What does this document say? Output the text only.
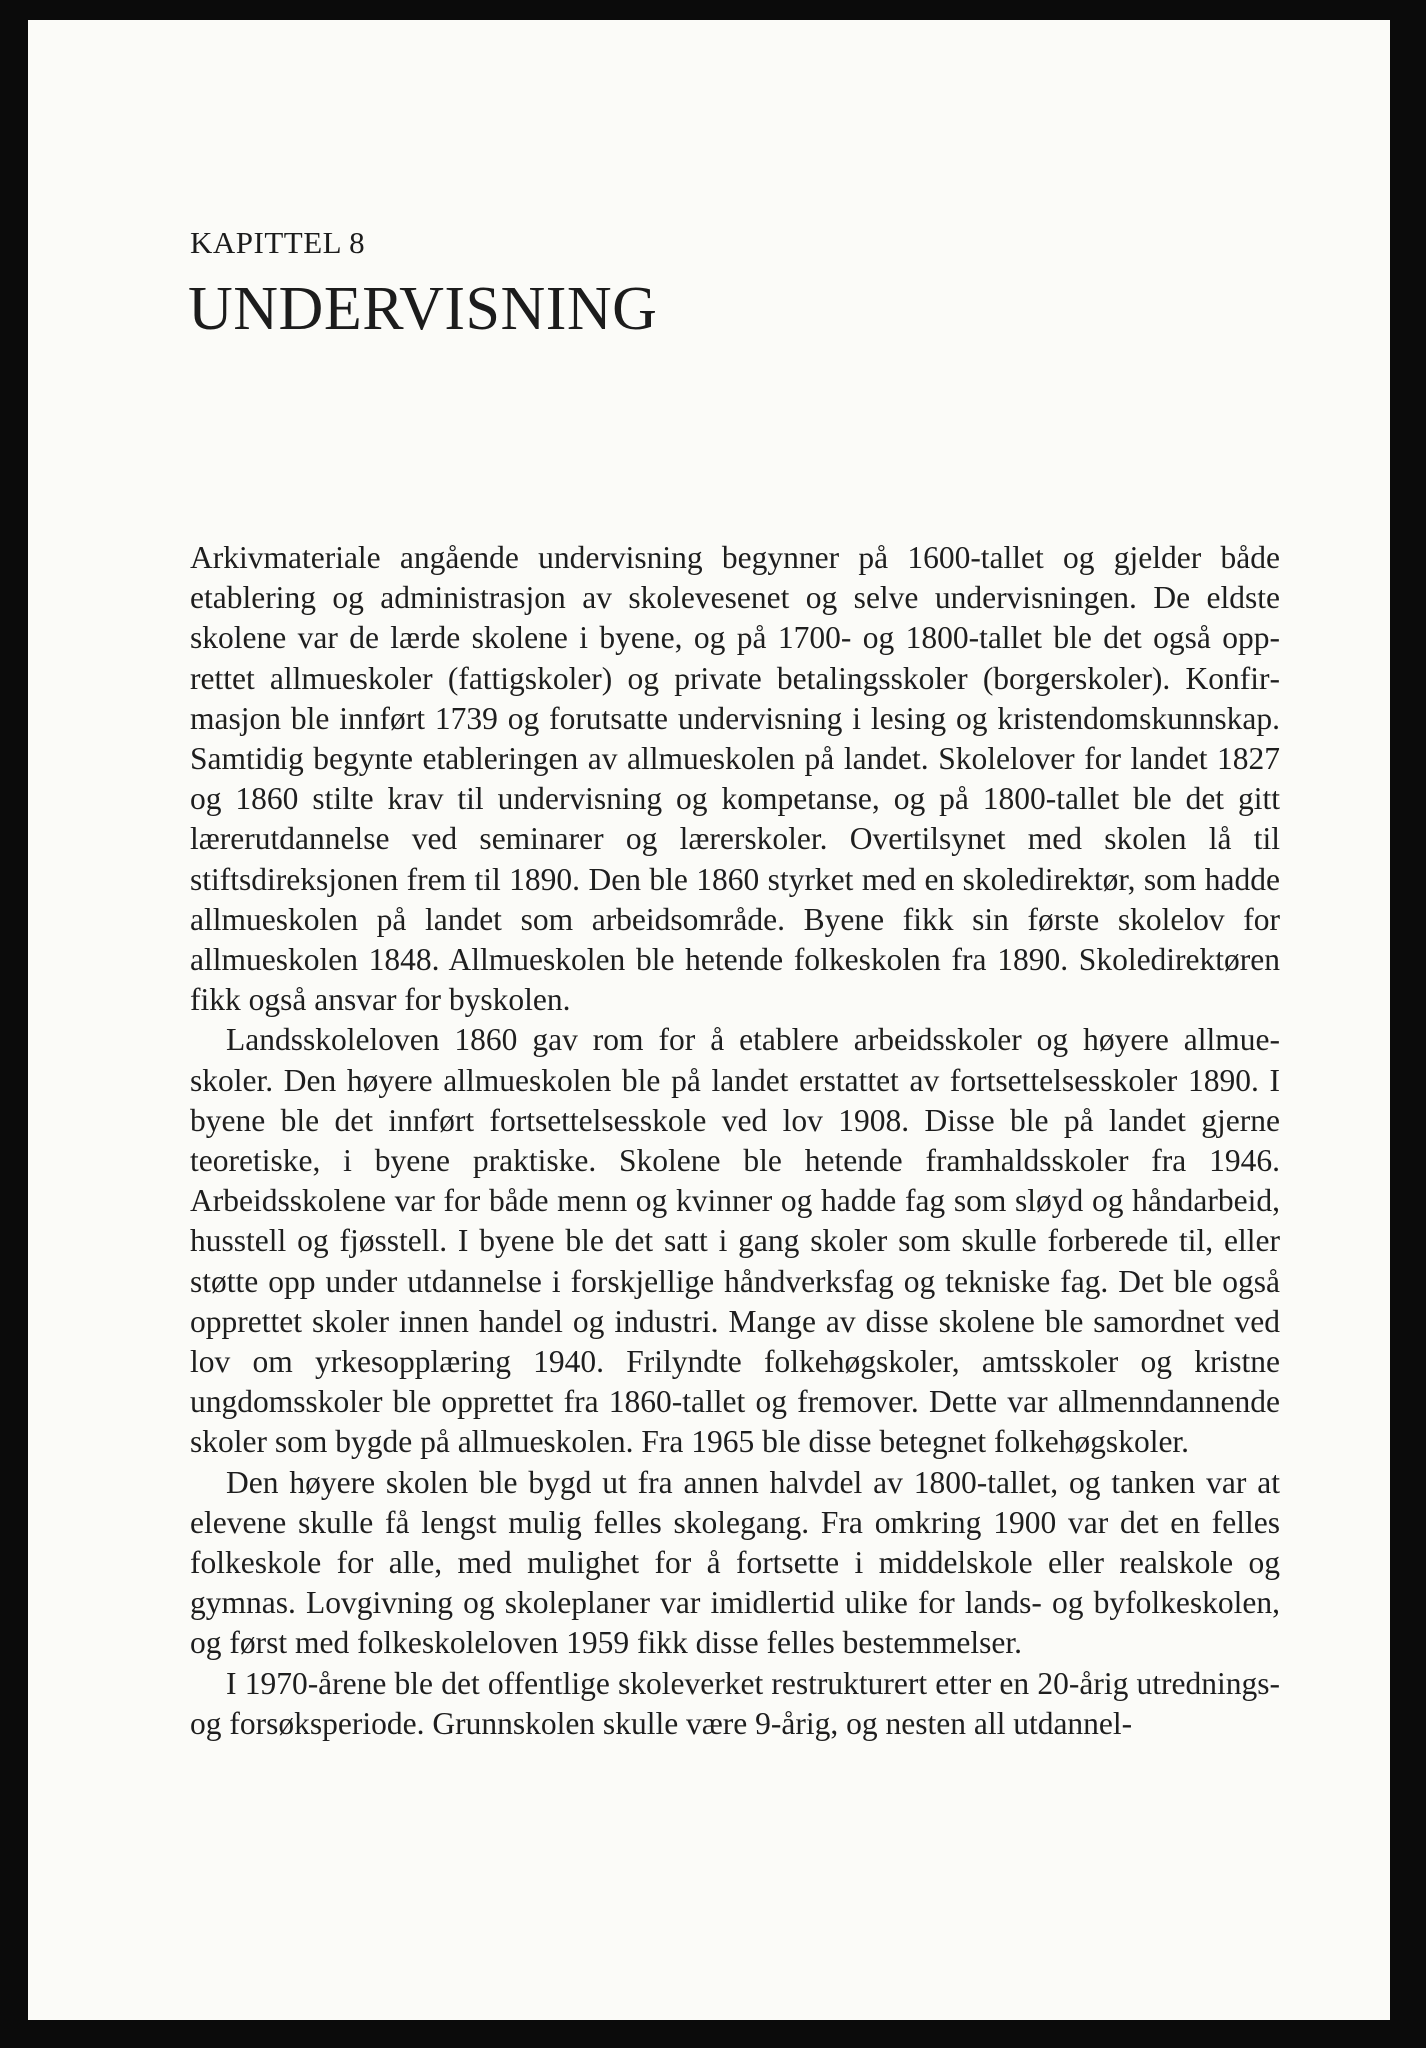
KAPITTEL 8
UNDERVISNING

Arkivmateriale angående undervisning begynner på 1600-tallet og gjelder både etablering og administrasjon av skolevesenet og selve undervisningen. De eldste skolene var de lærde skolene i byene, og på 1700- og 1800-tallet ble det også opprettet allmueskoler (fattigskoler) og private betalingsskoler (borgerskoler). Konfirmasjon ble innført 1739 og forutsatte undervisning i lesing og kristendomskunnskap. Samtidig begynte etableringen av allmueskolen på landet. Skolelover for landet 1827 og 1860 stilte krav til undervisning og kompetanse, og på 1800-tallet ble det gitt lærerutdannelse ved seminarer og lærerskoler. Overtilsynet med skolen lå til stiftsdireksjonen frem til 1890. Den ble 1860 styrket med en skoledirektør, som hadde allmueskolen på landet som arbeidsområde. Byene fikk sin første skolelov for allmueskolen 1848. Allmueskolen ble hetende folkeskolen fra 1890. Skoledirektøren fikk også ansvar for byskolen.

Landsskoleloven 1860 gav rom for å etablere arbeidsskoler og høyere allmueskoler. Den høyere allmueskolen ble på landet erstattet av fortsettelsesskoler 1890. I byene ble det innført fortsettelsesskole ved lov 1908. Disse ble på landet gjerne teoretiske, i byene praktiske. Skolene ble hetende framhaldsskoler fra 1946. Arbeidsskolene var for både menn og kvinner og hadde fag som sløyd og håndarbeid, husstell og fjøsstell. I byene ble det satt i gang skoler som skulle forberede til, eller støtte opp under utdannelse i forskjellige håndverksfag og tekniske fag. Det ble også opprettet skoler innen handel og industri. Mange av disse skolene ble samordnet ved lov om yrkesopplæring 1940. Frilyndte folkehøgskoler, amtsskoler og kristne ungdomsskoler ble opprettet fra 1860-tallet og fremover. Dette var allmenndannende skoler som bygde på allmueskolen. Fra 1965 ble disse betegnet folkehøgskoler.

Den høyere skolen ble bygd ut fra annen halvdel av 1800-tallet, og tanken var at elevene skulle få lengst mulig felles skolegang. Fra omkring 1900 var det en felles folkeskole for alle, med mulighet for å fortsette i middelskole eller realskole og gymnas. Lovgivning og skoleplaner var imidlertid ulike for lands- og byfolkeskolen, og først med folkeskoleloven 1959 fikk disse felles bestemmelser.

I 1970-årene ble det offentlige skoleverket restrukturert etter en 20-årig utrednings- og forsøksperiode. Grunnskolen skulle være 9-årig, og nesten all utdannel-
